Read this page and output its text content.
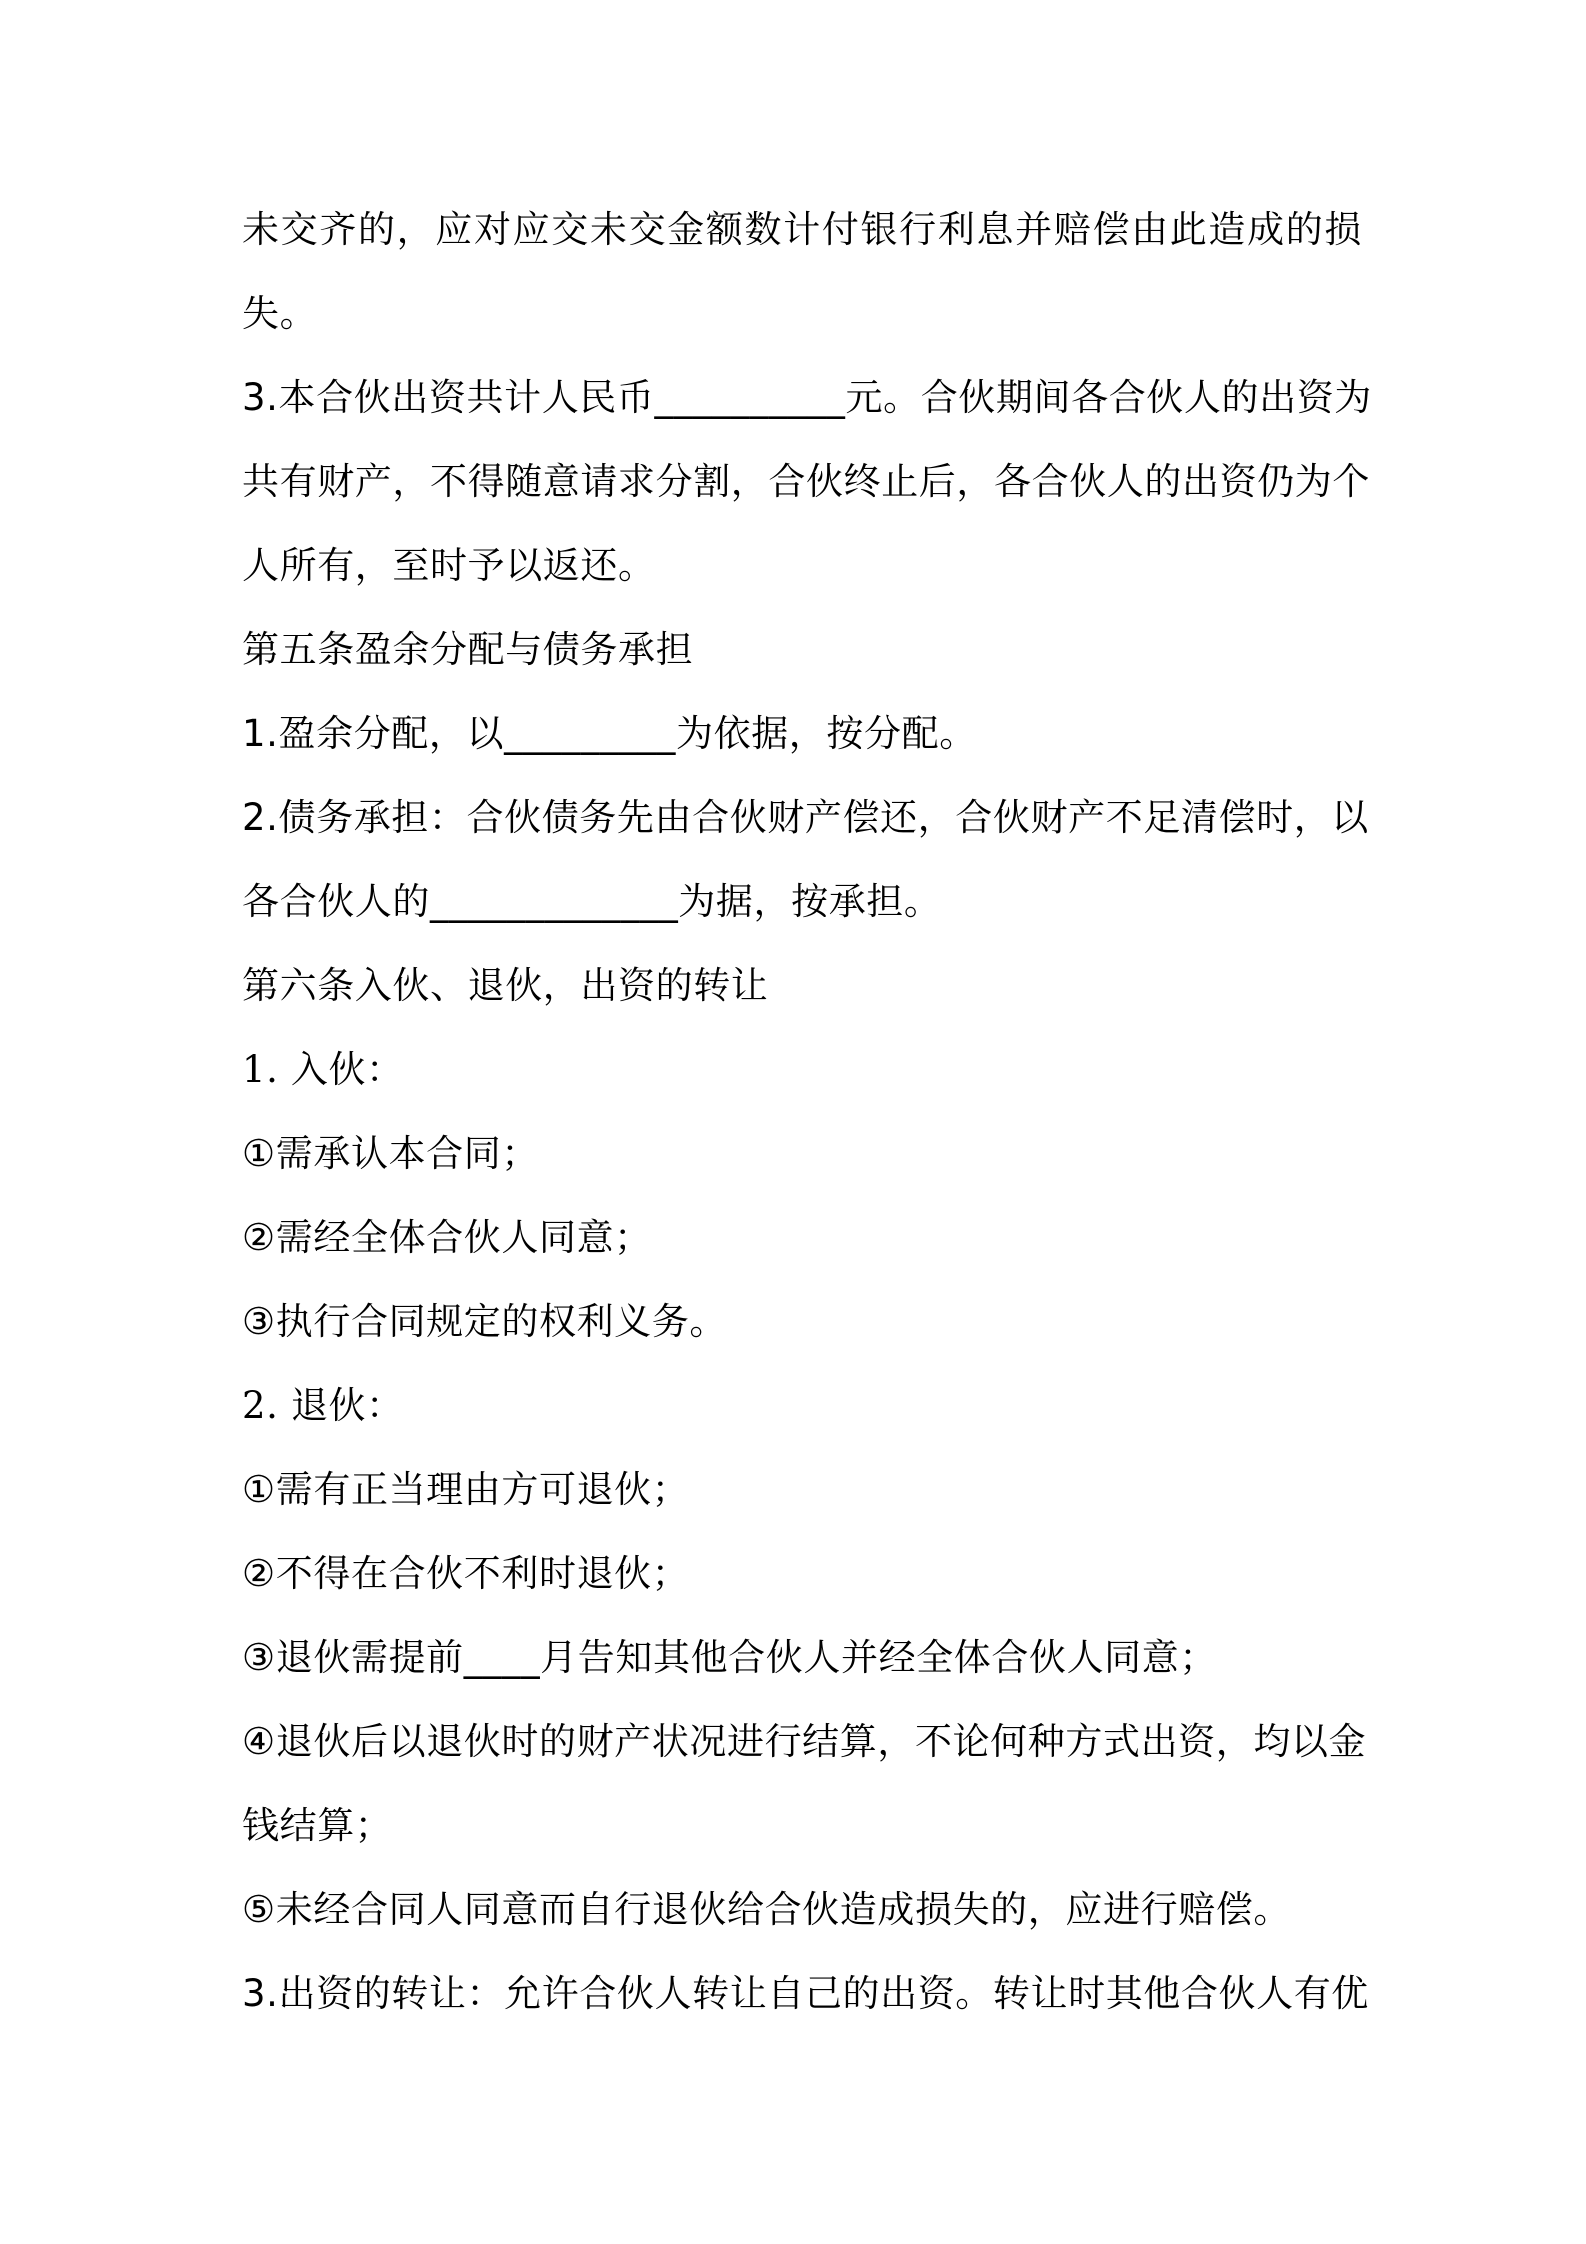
未交齐的，应对应交未交金额数计付银行利息并赔偿由此造成的损
失。
3.本合伙出资共计人民币__________元。合伙期间各合伙人的出资为
共有财产，不得随意请求分割，合伙终止后，各合伙人的出资仍为个
人所有，至时予以返还。
第五条盈余分配与债务承担
1.盈余分配，以_________为依据，按分配。
2.债务承担：合伙债务先由合伙财产偿还，合伙财产不足清偿时，以
各合伙人的_____________为据，按承担。
第六条入伙、退伙，出资的转让
1. 入伙：
①需承认本合同；
②需经全体合伙人同意；
③执行合同规定的权利义务。
2. 退伙：
①需有正当理由方可退伙；
②不得在合伙不利时退伙；
③退伙需提前____月告知其他合伙人并经全体合伙人同意；
④退伙后以退伙时的财产状况进行结算，不论何种方式出资，均以金
钱结算；
⑤未经合同人同意而自行退伙给合伙造成损失的，应进行赔偿。
3.出资的转让：允许合伙人转让自己的出资。转让时其他合伙人有优
